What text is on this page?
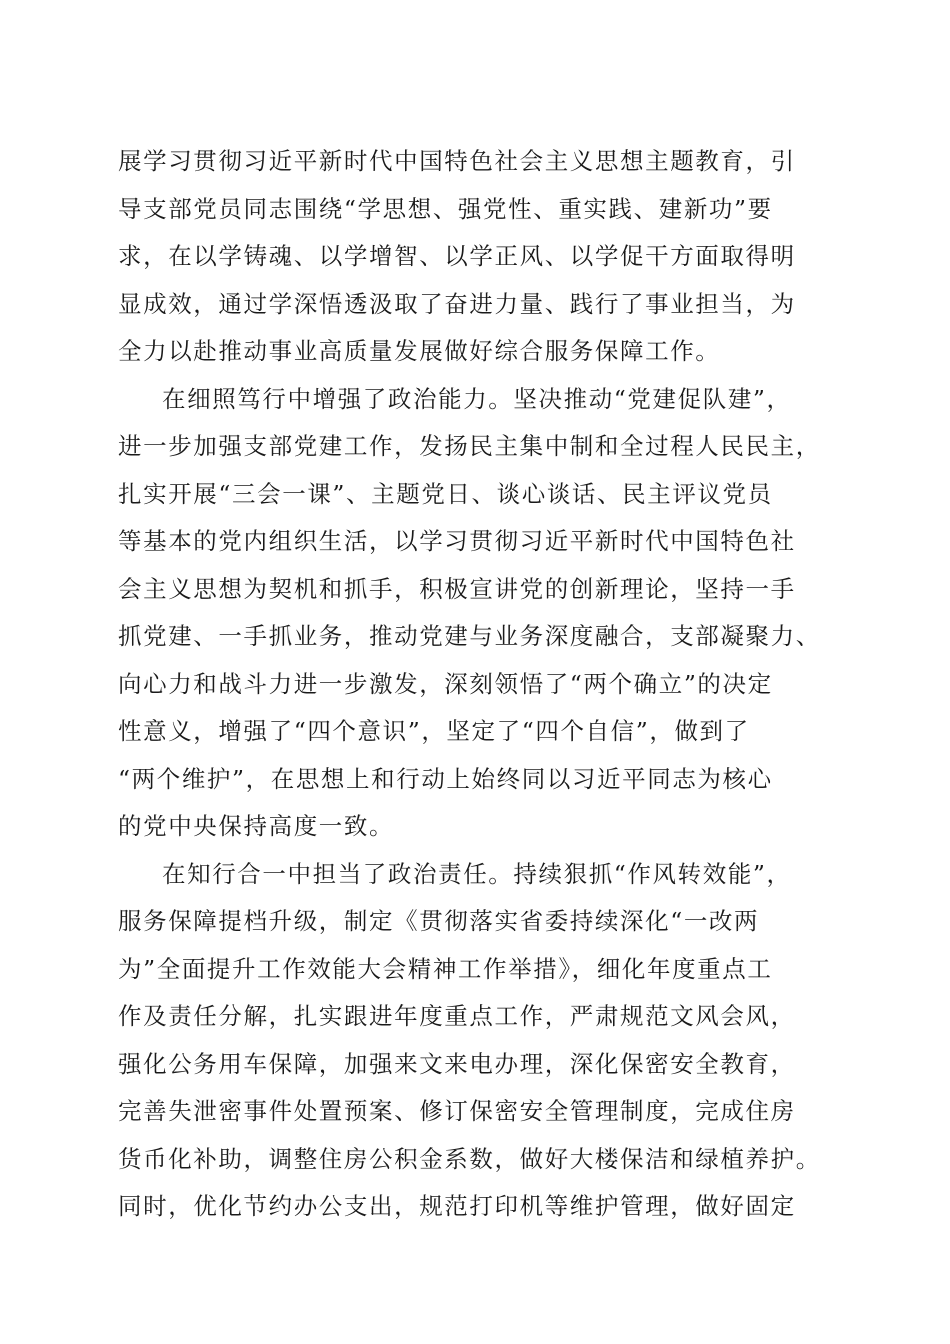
展学习贯彻习近平新时代中国特色社会主义思想主题教育，引
导支部党员同志围绕“学思想、强党性、重实践、建新功”要
求，在以学铸魂、以学增智、以学正风、以学促干方面取得明
显成效，通过学深悟透汲取了奋进力量、践行了事业担当，为
全力以赴推动事业高质量发展做好综合服务保障工作。
在细照笃行中增强了政治能力。坚决推动“党建促队建”，
进一步加强支部党建工作，发扬民主集中制和全过程人民民主，
扎实开展“三会一课”、主题党日、谈心谈话、民主评议党员
等基本的党内组织生活，以学习贯彻习近平新时代中国特色社
会主义思想为契机和抓手，积极宣讲党的创新理论，坚持一手
抓党建、一手抓业务，推动党建与业务深度融合，支部凝聚力、
向心力和战斗力进一步激发，深刻领悟了“两个确立”的决定
性意义，增强了“四个意识”，坚定了“四个自信”，做到了
“两个维护”，在思想上和行动上始终同以习近平同志为核心
的党中央保持高度一致。
在知行合一中担当了政治责任。持续狠抓“作风转效能”，
服务保障提档升级，制定《贯彻落实省委持续深化“一改两
为”全面提升工作效能大会精神工作举措》，细化年度重点工
作及责任分解，扎实跟进年度重点工作，严肃规范文风会风，
强化公务用车保障，加强来文来电办理，深化保密安全教育，
完善失泄密事件处置预案、修订保密安全管理制度，完成住房
货币化补助，调整住房公积金系数，做好大楼保洁和绿植养护。
同时，优化节约办公支出，规范打印机等维护管理，做好固定
